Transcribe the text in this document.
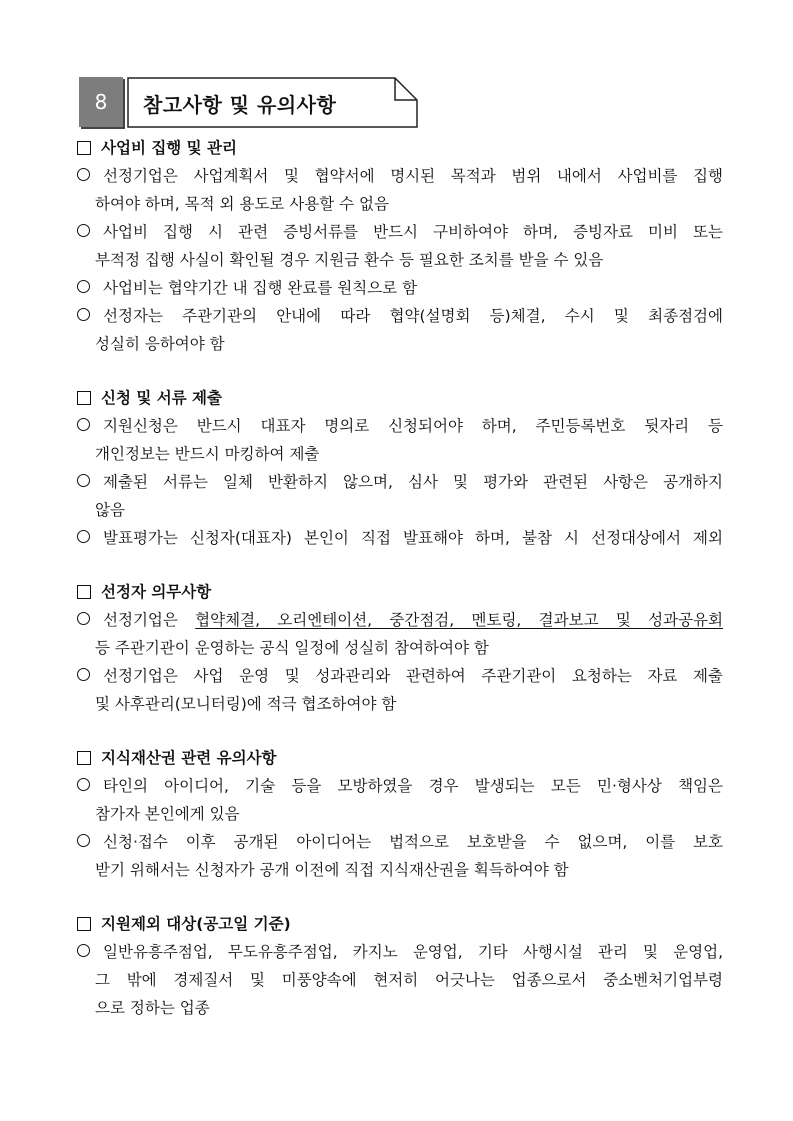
8	참고사항 및 유의사항
사업비 집행 및 관리
선정기업은 사업계획서 및 협약서에 명시된 목적과 범위 내에서 사업비를 집행
하여야 하며, 목적 외 용도로 사용할 수 없음
사업비 집행 시 관련 증빙서류를 반드시 구비하여야 하며, 증빙자료 미비 또는
부적정 집행 사실이 확인될 경우 지원금 환수 등 필요한 조치를 받을 수 있음
사업비는 협약기간 내 집행 완료를 원칙으로 함
선정자는 주관기관의 안내에 따라 협약(설명회 등)체결, 수시 및 최종점검에
성실히 응하여야 함
신청 및 서류 제출
지원신청은 반드시 대표자 명의로 신청되어야 하며, 주민등록번호 뒷자리 등
개인정보는 반드시 마킹하여 제출
제출된 서류는 일체 반환하지 않으며, 심사 및 평가와 관련된 사항은 공개하지
않음
발표평가는 신청자(대표자) 본인이 직접 발표해야 하며, 불참 시 선정대상에서 제외
선정자 의무사항
선정기업은 협약체결, 오리엔테이션, 중간점검, 멘토링, 결과보고 및 성과공유회
등 주관기관이 운영하는 공식 일정에 성실히 참여하여야 함
선정기업은 사업 운영 및 성과관리와 관련하여 주관기관이 요청하는 자료 제출
및 사후관리(모니터링)에 적극 협조하여야 함
지식재산권 관련 유의사항
타인의 아이디어, 기술 등을 모방하였을 경우 발생되는 모든 민·형사상 책임은
참가자 본인에게 있음
신청·접수 이후 공개된 아이디어는 법적으로 보호받을 수 없으며, 이를 보호
받기 위해서는 신청자가 공개 이전에 직접 지식재산권을 획득하여야 함
지원제외 대상(공고일 기준)
일반유흥주점업, 무도유흥주점업, 카지노 운영업, 기타 사행시설 관리 및 운영업,
그 밖에 경제질서 및 미풍양속에 현저히 어긋나는 업종으로서 중소벤처기업부령
으로 정하는 업종
